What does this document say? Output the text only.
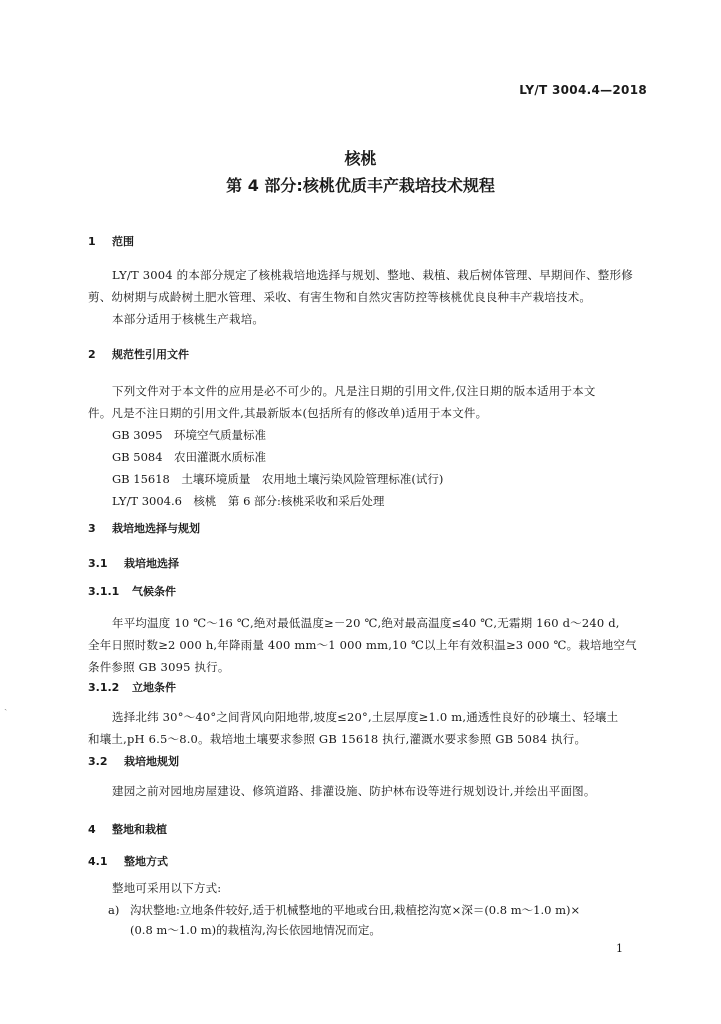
LY/T 3004.4—2018
核桃
第 4 部分:核桃优质丰产栽培技术规程
1 范围
LY/T 3004 的本部分规定了核桃栽培地选择与规划、整地、栽植、栽后树体管理、早期间作、整形修
剪、幼树期与成龄树土肥水管理、采收、有害生物和自然灾害防控等核桃优良良种丰产栽培技术。
本部分适用于核桃生产栽培。
2 规范性引用文件
下列文件对于本文件的应用是必不可少的。凡是注日期的引用文件,仅注日期的版本适用于本文
件。凡是不注日期的引用文件,其最新版本(包括所有的修改单)适用于本文件。
GB 3095　环境空气质量标准
GB 5084　农田灌溉水质标准
GB 15618　土壤环境质量　农用地土壤污染风险管理标准(试行)
LY/T 3004.6　核桃　第 6 部分:核桃采收和采后处理
3 栽培地选择与规划
3.1 栽培地选择
3.1.1 气候条件
年平均温度 10 ℃～16 ℃,绝对最低温度≥－20 ℃,绝对最高温度≤40 ℃,无霜期 160 d～240 d,
全年日照时数≥2 000 h,年降雨量 400 mm～1 000 mm,10 ℃以上年有效积温≥3 000 ℃。栽培地空气
条件参照 GB 3095 执行。
3.1.2 立地条件
选择北纬 30°～40°之间背风向阳地带,坡度≤20°,土层厚度≥1.0 m,通透性良好的砂壤土、轻壤土
和壤土,pH 6.5～8.0。栽培地土壤要求参照 GB 15618 执行,灌溉水要求参照 GB 5084 执行。
3.2 栽培地规划
建园之前对园地房屋建设、修筑道路、排灌设施、防护林布设等进行规划设计,并绘出平面图。
4 整地和栽植
4.1 整地方式
整地可采用以下方式:
a) 沟状整地:立地条件较好,适于机械整地的平地或台田,栽植挖沟宽×深＝(0.8 m～1.0 m)×
(0.8 m～1.0 m)的栽植沟,沟长依园地情况而定。
1
ˏ
